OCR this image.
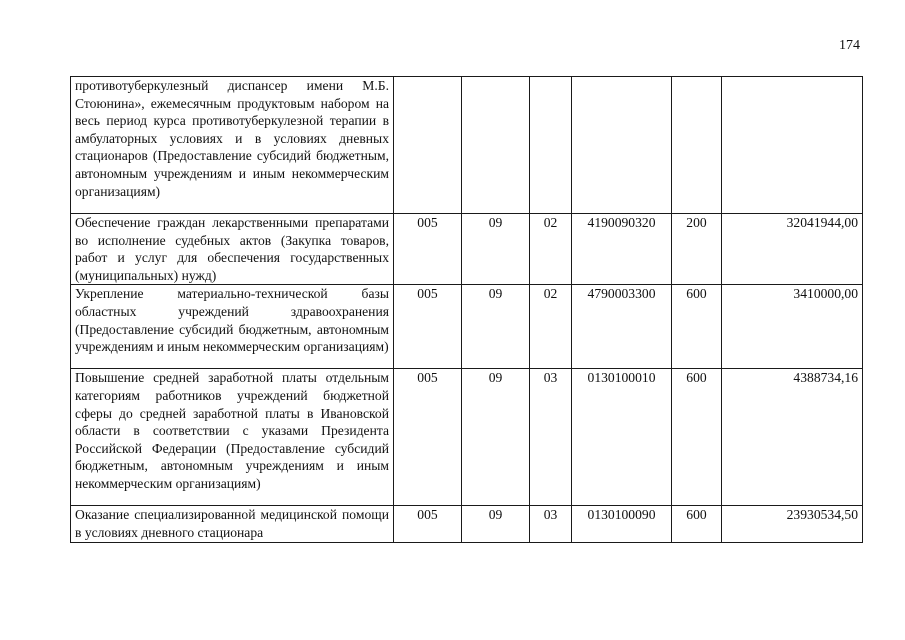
174
противотуберкулезный диспансер имени М.Б. Стоюнина», ежемесячным продуктовым набором на весь период курса противотуберкулезной терапии в амбулаторных условиях и в условиях дневных стационаров (Предоставление субсидий бюджетным, автономным учреждениям и иным некоммерческим организациям)						

Обеспечение граждан лекарственными препаратами во исполнение судебных актов (Закупка товаров, работ и услуг для обеспечения государственных (муниципальных) нужд)	005	09	02	4190090320	200	32041944,00

Укрепление материально-технической базы областных учреждений здравоохранения (Предоставление субсидий бюджетным, автономным учреждениям и иным некоммерческим организациям)	005	09	02	4790003300	600	3410000,00

Повышение средней заработной платы отдельным категориям работников учреждений бюджетной сферы до средней заработной платы в Ивановской области в соответствии с указами Президента Российской Федерации (Предоставление субсидий бюджетным, автономным учреждениям и иным некоммерческим организациям)	005	09	03	0130100010	600	4388734,16

Оказание специализированной медицинской помощи в условиях дневного стационара	005	09	03	0130100090	600	23930534,50
